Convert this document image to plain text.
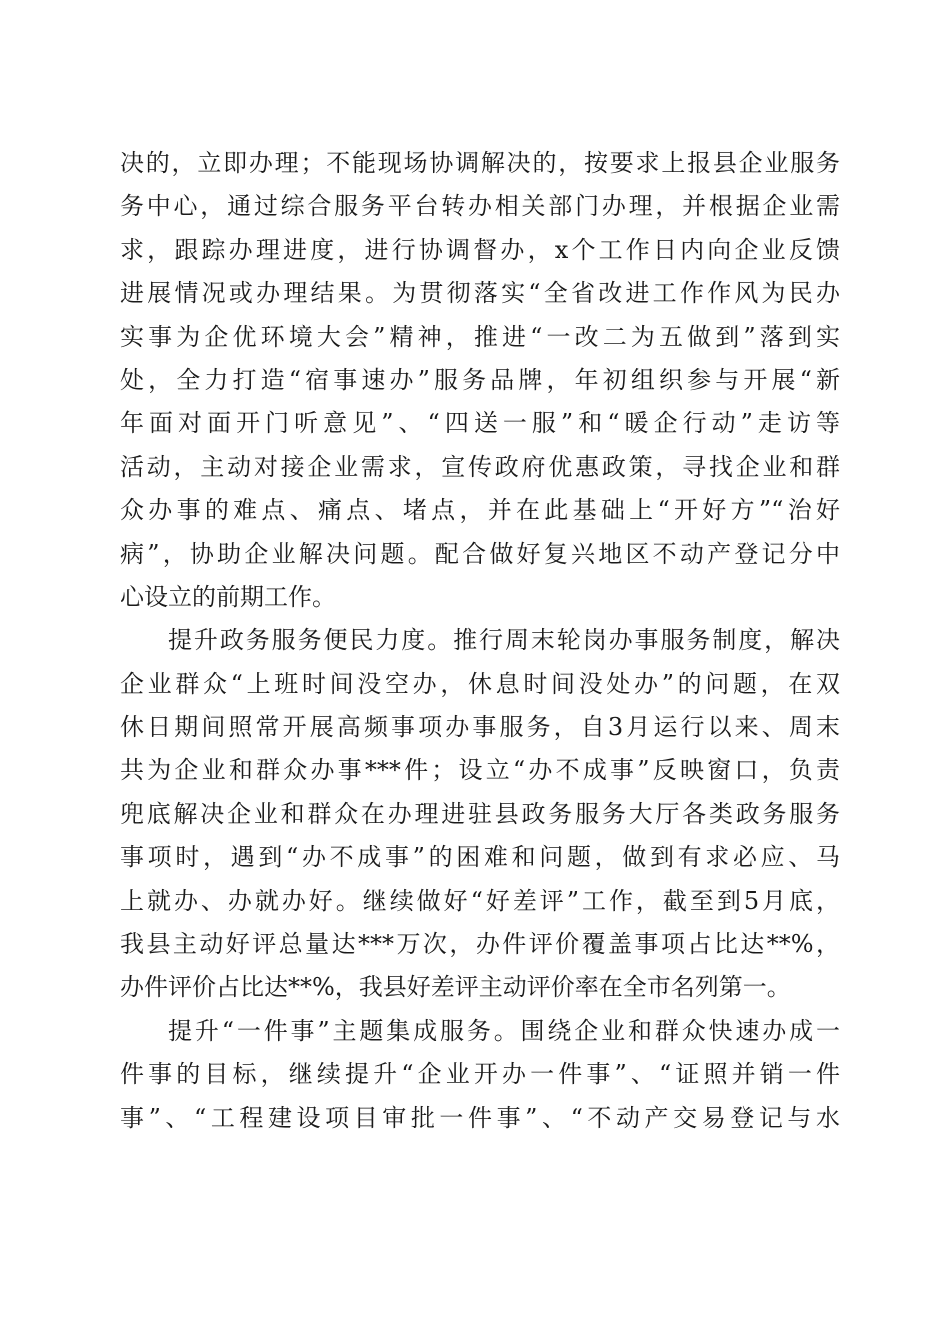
决的，立即办理；不能现场协调解决的，按要求上报县企业服务
务中心，通过综合服务平台转办相关部门办理，并根据企业需
求，跟踪办理进度，进行协调督办，x个工作日内向企业反馈
进展情况或办理结果。为贯彻落实“全省改进工作作风为民办
实事为企优环境大会”精神，推进“一改二为五做到”落到实
处，全力打造“宿事速办”服务品牌，年初组织参与开展“新
年面对面开门听意见”、“四送一服”和“暖企行动”走访等
活动，主动对接企业需求，宣传政府优惠政策，寻找企业和群
众办事的难点、痛点、堵点，并在此基础上“开好方”“治好
病”，协助企业解决问题。配合做好复兴地区不动产登记分中
心设立的前期工作。
提升政务服务便民力度。推行周末轮岗办事服务制度，解决
企业群众“上班时间没空办，休息时间没处办”的问题，在双
休日期间照常开展高频事项办事服务，自3月运行以来、周末
共为企业和群众办事***件；设立“办不成事”反映窗口，负责
兜底解决企业和群众在办理进驻县政务服务大厅各类政务服务
事项时，遇到“办不成事”的困难和问题，做到有求必应、马
上就办、办就办好。继续做好“好差评”工作，截至到5月底，
我县主动好评总量达***万次，办件评价覆盖事项占比达**%，
办件评价占比达**%，我县好差评主动评价率在全市名列第一。
提升“一件事”主题集成服务。围绕企业和群众快速办成一
件事的目标，继续提升“企业开办一件事”、“证照并销一件
事”、“工程建设项目审批一件事”、“不动产交易登记与水
